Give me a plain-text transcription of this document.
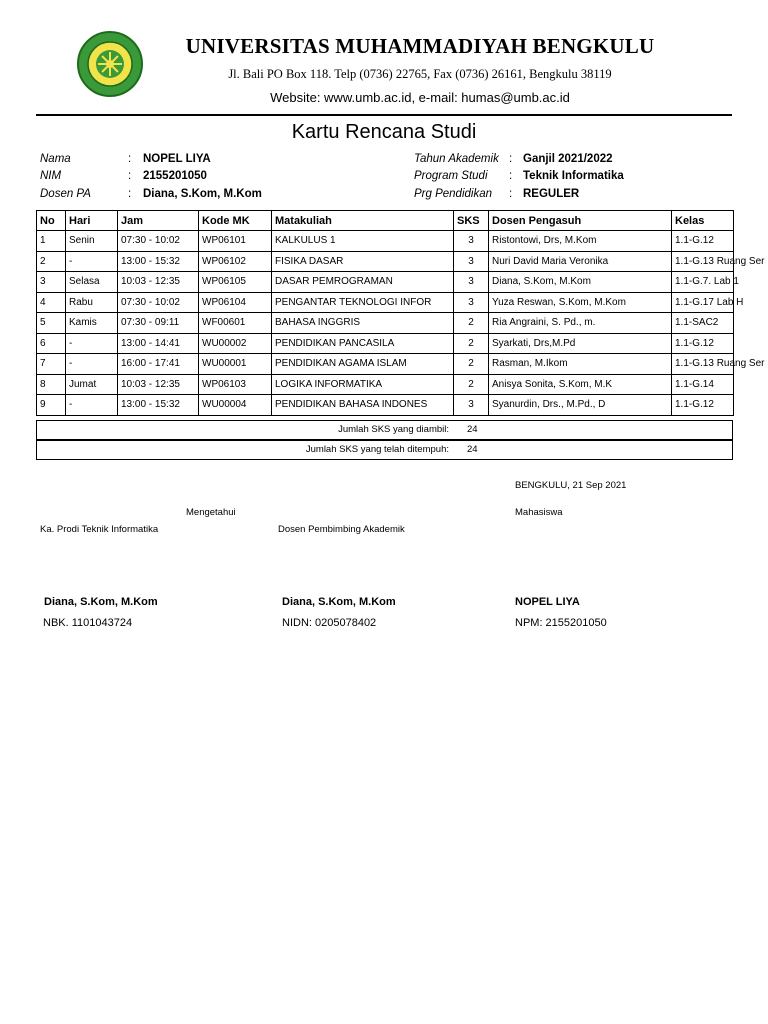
UNIVERSITAS MUHAMMADIYAH BENGKULU
Jl. Bali PO Box 118. Telp (0736) 22765, Fax (0736) 26161, Bengkulu 38119
Website: www.umb.ac.id, e-mail: humas@umb.ac.id
Kartu Rencana Studi
Nama	: NOPEL LIYA
NIM	: 2155201050
Dosen PA	: Diana, S.Kom, M.Kom
Tahun Akademik : Ganjil 2021/2022
Program Studi : Teknik Informatika
Prg Pendidikan : REGULER
No	Hari	Jam	Kode MK	Matakuliah	SKS	Dosen Pengasuh	Kelas
1	Senin	07:30 - 10:02	WP06101	KALKULUS 1	3	Ristontowi, Drs, M.Kom	1.1-G.12
2	-	13:00 - 15:32	WP06102	FISIKA DASAR	3	Nuri David Maria Veronika	1.1-G.13 Ruang Ser
3	Selasa	10:03 - 12:35	WP06105	DASAR PEMROGRAMAN	3	Diana, S.Kom, M.Kom	1.1-G.7. Lab 1
4	Rabu	07:30 - 10:02	WP06104	PENGANTAR TEKNOLOGI INFOR	3	Yuza Reswan, S.Kom, M.Kom	1.1-G.17 Lab H
5	Kamis	07:30 - 09:11	WF00601	BAHASA INGGRIS	2	Ria Angraini, S. Pd., m.	1.1-SAC2
6	-	13:00 - 14:41	WU00002	PENDIDIKAN PANCASILA	2	Syarkati, Drs,M.Pd	1.1-G.12
7	-	16:00 - 17:41	WU00001	PENDIDIKAN AGAMA ISLAM	2	Rasman, M.Ikom	1.1-G.13 Ruang Ser
8	Jumat	10:03 - 12:35	WP06103	LOGIKA INFORMATIKA	2	Anisya Sonita, S.Kom, M.K	1.1-G.14
9	-	13:00 - 15:32	WU00004	PENDIDIKAN BAHASA INDONES	3	Syanurdin, Drs., M.Pd., D	1.1-G.12
Jumlah SKS yang diambil: 24
Jumlah SKS yang telah ditempuh: 24
BENGKULU, 21 Sep 2021
Mengetahui	Mahasiswa
Ka. Prodi Teknik Informatika	Dosen Pembimbing Akademik
Diana, S.Kom, M.Kom	Diana, S.Kom, M.Kom	NOPEL LIYA
NBK. 1101043724	NIDN: 0205078402	NPM: 2155201050
